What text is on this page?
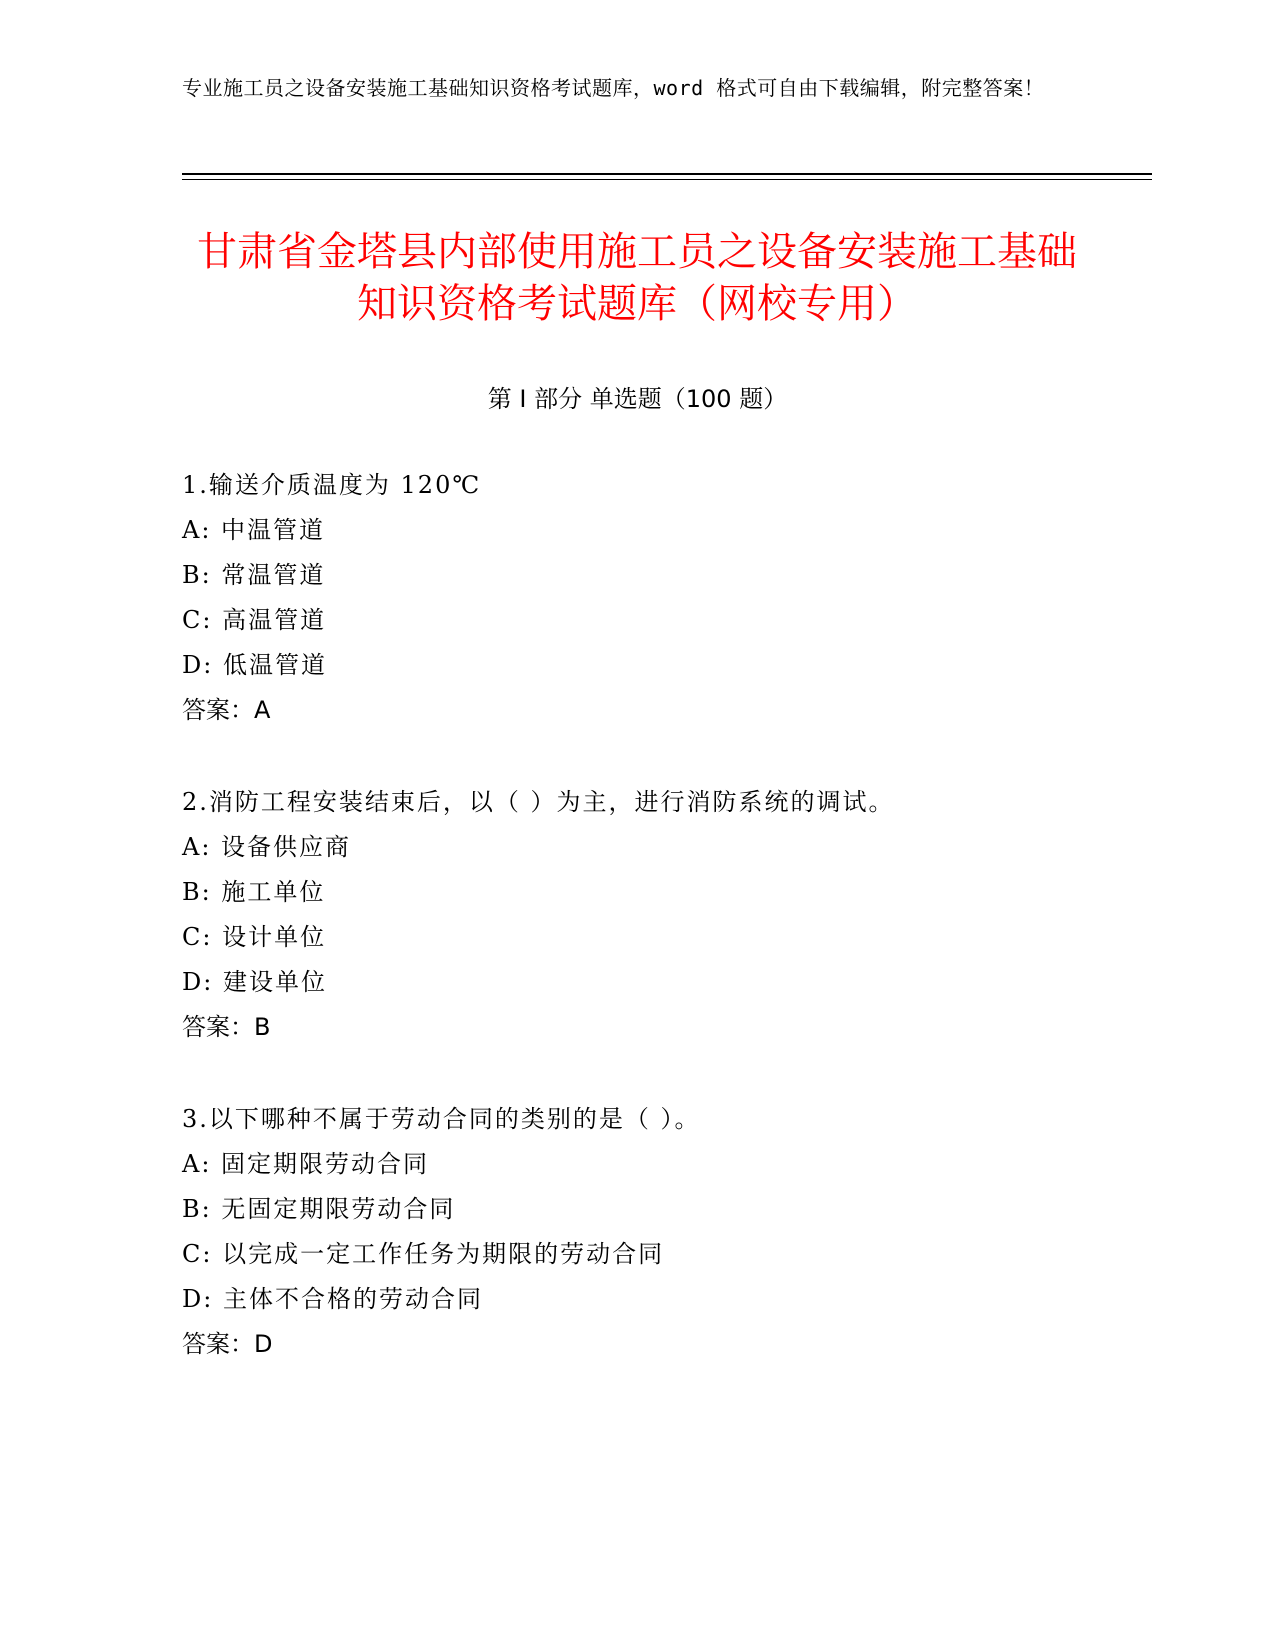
专业施工员之设备安装施工基础知识资格考试题库，word 格式可自由下载编辑，附完整答案！
甘肃省金塔县内部使用施工员之设备安装施工基础知识资格考试题库（网校专用）
第 I 部分 单选题（100 题）
1.输送介质温度为 120℃
A: 中温管道
B: 常温管道
C: 高温管道
D: 低温管道
答案：A
2.消防工程安装结束后，以（ ）为主，进行消防系统的调试。
A: 设备供应商
B: 施工单位
C: 设计单位
D: 建设单位
答案：B
3.以下哪种不属于劳动合同的类别的是（ ）。
A: 固定期限劳动合同
B: 无固定期限劳动合同
C: 以完成一定工作任务为期限的劳动合同
D: 主体不合格的劳动合同
答案：D
